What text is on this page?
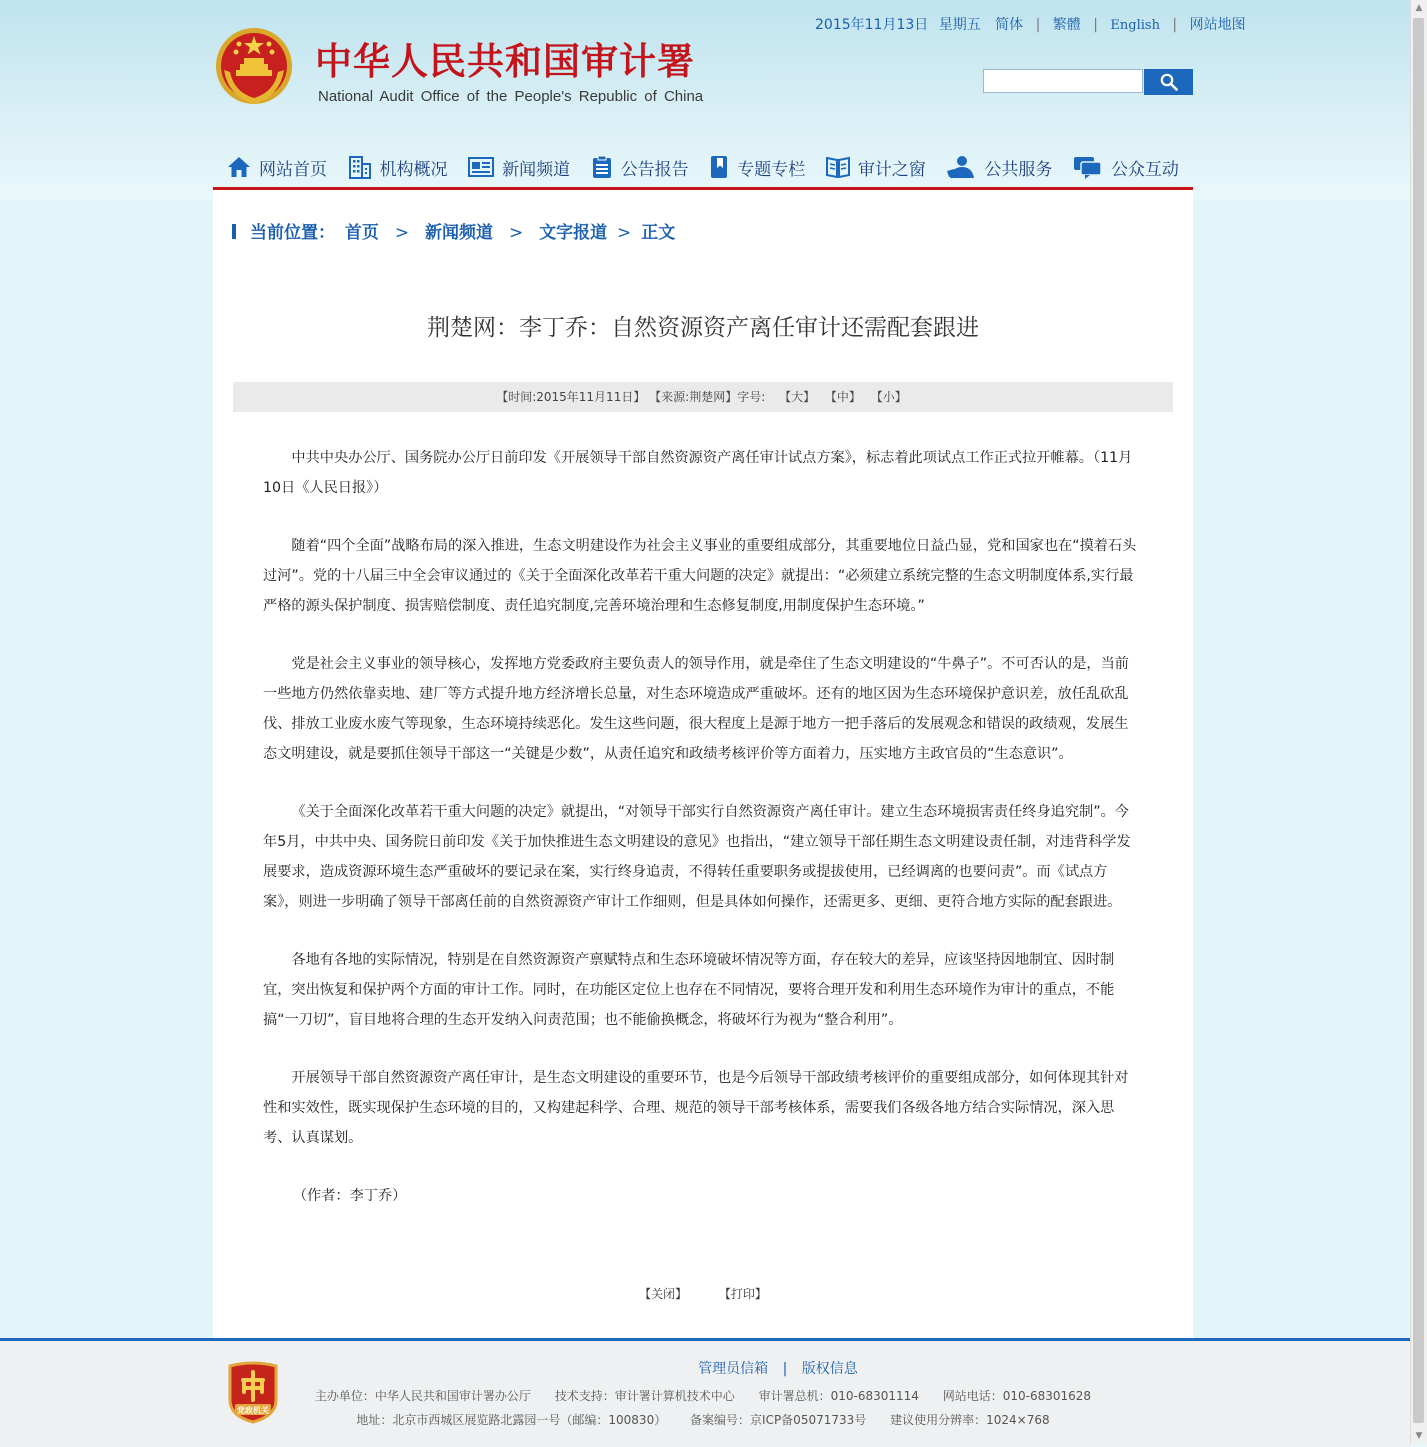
中华人民共和国审计署
National Audit Office of the People's Republic of China
2015年11月13日 星期五 简体 | 繁體 | English | 网站地图
网站首页	机构概况	新闻频道	公告报告	专题专栏	审计之窗	公共服务	公众互动
当前位置： 首页 > 新闻频道 > 文字报道 > 正文
荆楚网：李丁乔：自然资源资产离任审计还需配套跟进
【时间:2015年11月11日】 【来源:荆楚网】字号: 【大】 【中】 【小】

中共中央办公厅、国务院办公厅日前印发《开展领导干部自然资源资产离任审计试点方案》，标志着此项试点工作正式拉开帷幕。（11月10日《人民日报》）

随着“四个全面”战略布局的深入推进，生态文明建设作为社会主义事业的重要组成部分，其重要地位日益凸显，党和国家也在“摸着石头过河”。党的十八届三中全会审议通过的《关于全面深化改革若干重大问题的决定》就提出：“必须建立系统完整的生态文明制度体系,实行最严格的源头保护制度、损害赔偿制度、责任追究制度,完善环境治理和生态修复制度,用制度保护生态环境。”

党是社会主义事业的领导核心，发挥地方党委政府主要负责人的领导作用，就是牵住了生态文明建设的“牛鼻子”。不可否认的是，当前一些地方仍然依靠卖地、建厂等方式提升地方经济增长总量，对生态环境造成严重破坏。还有的地区因为生态环境保护意识差，放任乱砍乱伐、排放工业废水废气等现象，生态环境持续恶化。发生这些问题，很大程度上是源于地方一把手落后的发展观念和错误的政绩观，发展生态文明建设，就是要抓住领导干部这一“关键是少数”，从责任追究和政绩考核评价等方面着力，压实地方主政官员的“生态意识”。

《关于全面深化改革若干重大问题的决定》就提出，“对领导干部实行自然资源资产离任审计。建立生态环境损害责任终身追究制”。今年5月，中共中央、国务院日前印发《关于加快推进生态文明建设的意见》也指出，“建立领导干部任期生态文明建设责任制，对违背科学发展要求，造成资源环境生态严重破坏的要记录在案，实行终身追责，不得转任重要职务或提拔使用，已经调离的也要问责”。而《试点方案》，则进一步明确了领导干部离任前的自然资源资产审计工作细则，但是具体如何操作，还需更多、更细、更符合地方实际的配套跟进。

各地有各地的实际情况，特别是在自然资源资产禀赋特点和生态环境破坏情况等方面，存在较大的差异，应该坚持因地制宜、因时制宜，突出恢复和保护两个方面的审计工作。同时，在功能区定位上也存在不同情况，要将合理开发和利用生态环境作为审计的重点，不能搞“一刀切”，盲目地将合理的生态开发纳入问责范围；也不能偷换概念，将破坏行为视为“整合利用”。

开展领导干部自然资源资产离任审计，是生态文明建设的重要环节，也是今后领导干部政绩考核评价的重要组成部分，如何体现其针对性和实效性，既实现保护生态环境的目的，又构建起科学、合理、规范的领导干部考核体系，需要我们各级各地方结合实际情况，深入思考、认真谋划。

（作者：李丁乔）

【关闭】	【打印】
党政机关
管理员信箱 | 版权信息
主办单位：中华人民共和国审计署办公厅 技术支持：审计署计算机技术中心 审计署总机：010-68301114 网站电话：010-68301628
地址：北京市西城区展览路北露园一号（邮编：100830） 备案编号：京ICP备05071733号 建议使用分辨率：1024×768
▲
▼
